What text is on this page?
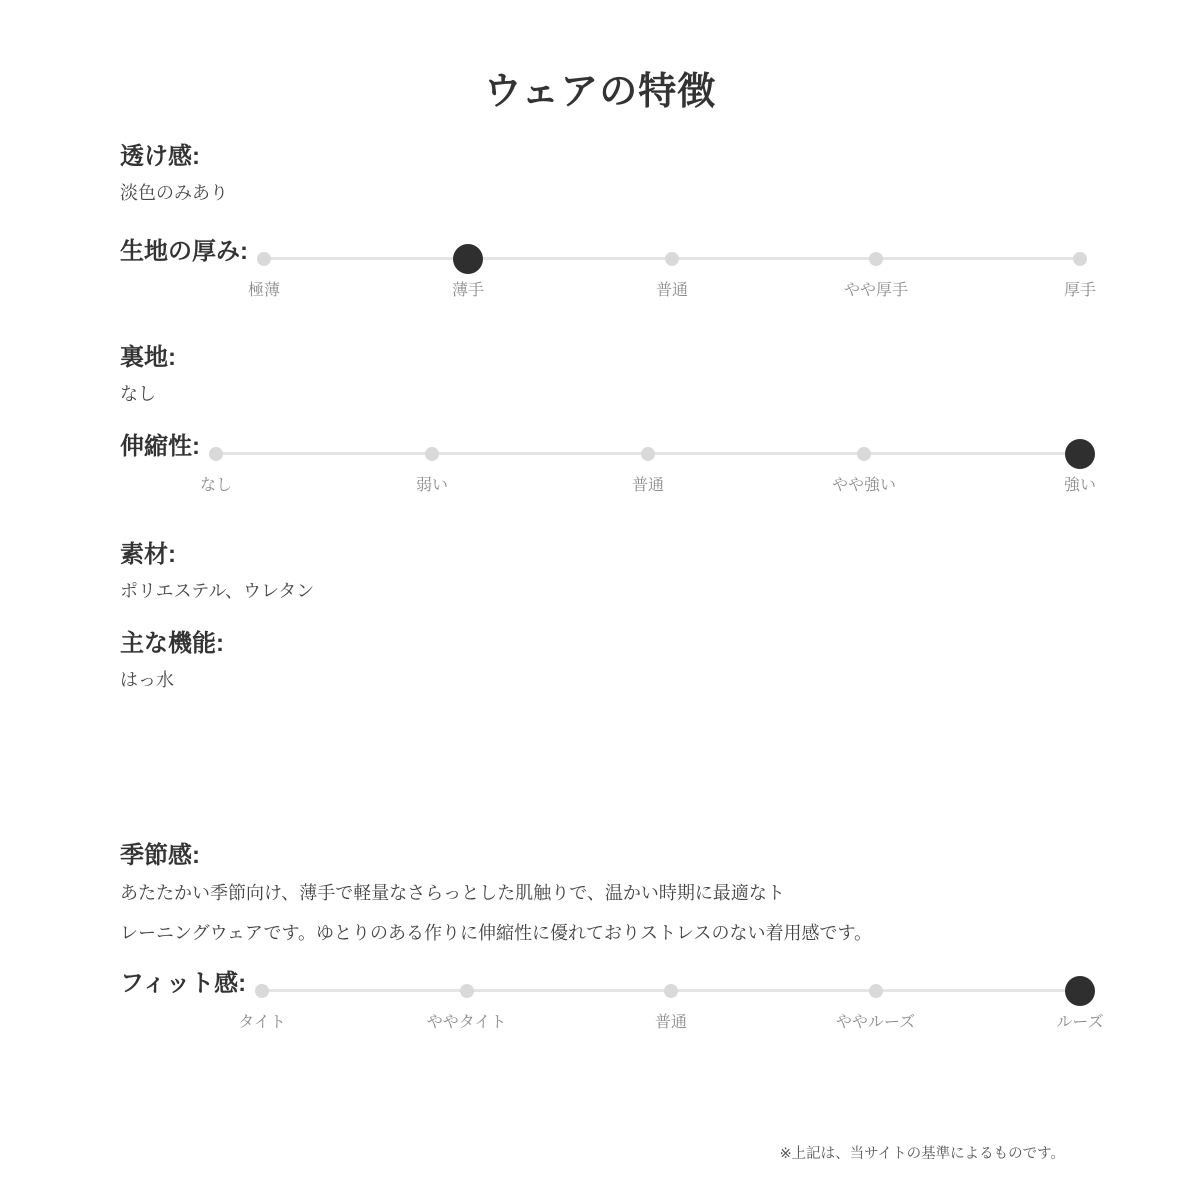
ウェアの特徴
透け感:
淡色のみあり
生地の厚み:
極薄	薄手	普通	やや厚手	厚手
裏地:
なし
伸縮性:
なし	弱い	普通	やや強い	強い
素材:
ポリエステル、ウレタン
主な機能:
はっ水
季節感:
あたたかい季節向け、薄手で軽量なさらっとした肌触りで、温かい時期に最適なト
レーニングウェアです。ゆとりのある作りに伸縮性に優れておりストレスのない着用感です。
フィット感:
タイト	ややタイト	普通	ややルーズ	ルーズ
※上記は、当サイトの基準によるものです。
